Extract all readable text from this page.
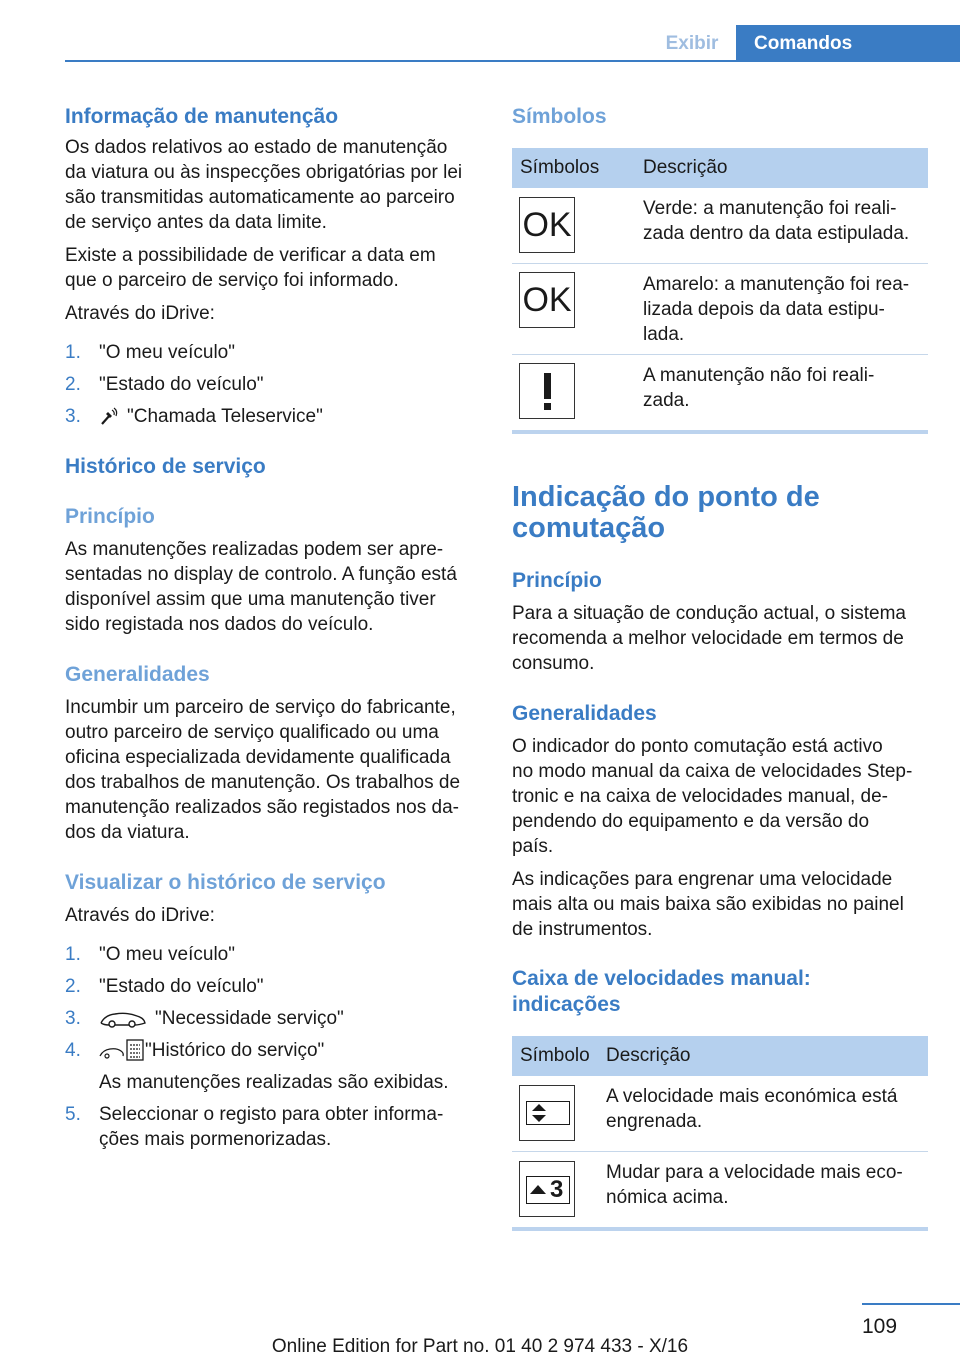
Exibir	Comandos
Informação de manutenção
Os dados relativos ao estado de manutenção
da viatura ou às inspecções obrigatórias por lei
são transmitidas automaticamente ao parceiro
de serviço antes da data limite.
Existe a possibilidade de verificar a data em
que o parceiro de serviço foi informado.
Através do iDrive:
1. "O meu veículo"
2. "Estado do veículo"
3. "Chamada Teleservice"
Histórico de serviço
Princípio
As manutenções realizadas podem ser apre-
sentadas no display de controlo. A função está
disponível assim que uma manutenção tiver
sido registada nos dados do veículo.
Generalidades
Incumbir um parceiro de serviço do fabricante,
outro parceiro de serviço qualificado ou uma
oficina especializada devidamente qualificada
dos trabalhos de manutenção. Os trabalhos de
manutenção realizados são registados nos da-
dos da viatura.
Visualizar o histórico de serviço
Através do iDrive:
1. "O meu veículo"
2. "Estado do veículo"
3.	"Necessidade serviço"
4.	"Histórico do serviço"
As manutenções realizadas são exibidas.
5. Seleccionar o registo para obter informa-
ções mais pormenorizadas.
Símbolos
Símbolos Descrição
OK	Verde: a manutenção foi reali-
zada dentro da data estipulada.
OK	Amarelo: a manutenção foi rea-
lizada depois da data estipu-
lada.
A manutenção não foi reali-
zada.
Indicação do ponto de
comutação
Princípio
Para a situação de condução actual, o sistema
recomenda a melhor velocidade em termos de
consumo.
Generalidades
O indicador do ponto comutação está activo
no modo manual da caixa de velocidades Step-
tronic e na caixa de velocidades manual, de-
pendendo do equipamento e da versão do
país.
As indicações para engrenar uma velocidade
mais alta ou mais baixa são exibidas no painel
de instrumentos.
Caixa de velocidades manual:
indicações
Símbolo Descrição
A velocidade mais económica está
engrenada.
3
Mudar para a velocidade mais eco-
nómica acima.
109
Online Edition for Part no. 01 40 2 974 433 - X/16
